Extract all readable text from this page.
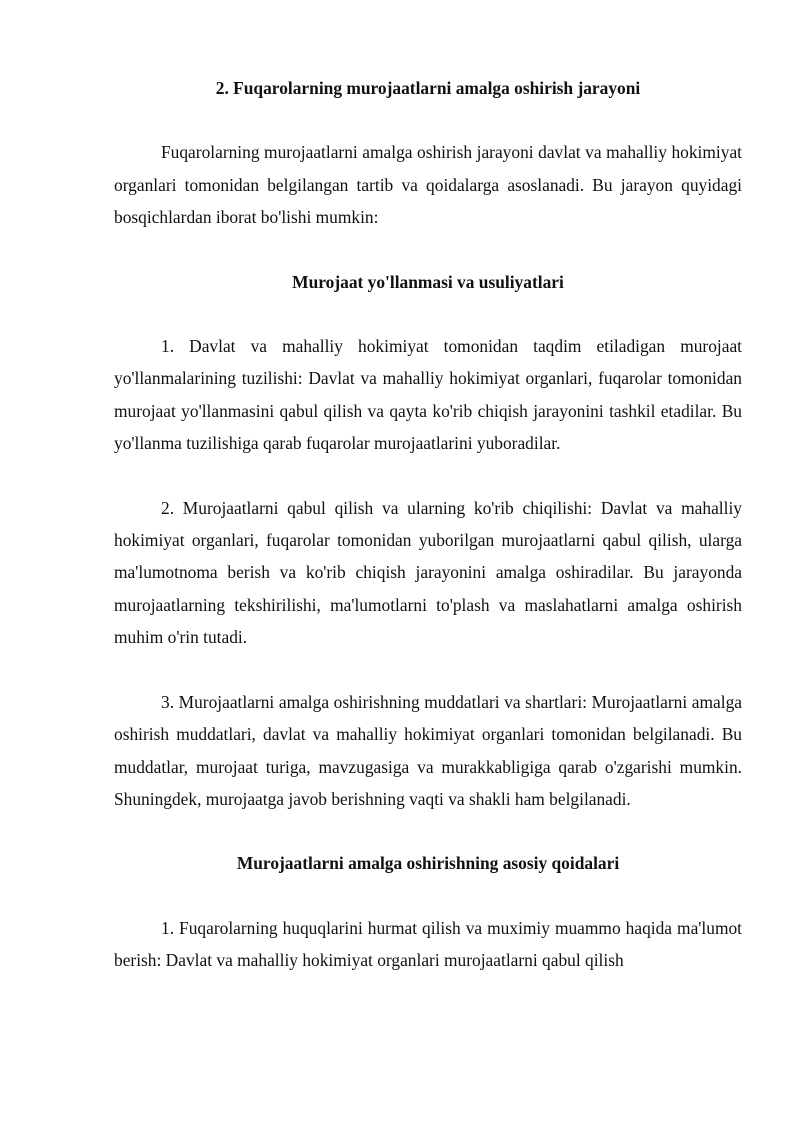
2. Fuqarolarning murojaatlarni amalga oshirish jarayoni

Fuqarolarning murojaatlarni amalga oshirish jarayoni davlat va mahalliy hokimiyat organlari tomonidan belgilangan tartib va qoidalarga asoslanadi. Bu jarayon quyidagi bosqichlardan iborat bo'lishi mumkin:

Murojaat yo'llanmasi va usuliyatlari

1. Davlat va mahalliy hokimiyat tomonidan taqdim etiladigan murojaat yo'llanmalarining tuzilishi: Davlat va mahalliy hokimiyat organlari, fuqarolar tomonidan murojaat yo'llanmasini qabul qilish va qayta ko'rib chiqish jarayonini tashkil etadilar. Bu yo'llanma tuzilishiga qarab fuqarolar murojaatlarini yuboradilar.

2. Murojaatlarni qabul qilish va ularning ko'rib chiqilishi: Davlat va mahalliy hokimiyat organlari, fuqarolar tomonidan yuborilgan murojaatlarni qabul qilish, ularga ma'lumotnoma berish va ko'rib chiqish jarayonini amalga oshiradilar. Bu jarayonda murojaatlarning tekshirilishi, ma'lumotlarni to'plash va maslahatlarni amalga oshirish muhim o'rin tutadi.

3. Murojaatlarni amalga oshirishning muddatlari va shartlari: Murojaatlarni amalga oshirish muddatlari, davlat va mahalliy hokimiyat organlari tomonidan belgilanadi. Bu muddatlar, murojaat turiga, mavzugasiga va murakkabligiga qarab o'zgarishi mumkin. Shuningdek, murojaatga javob berishning vaqti va shakli ham belgilanadi.

Murojaatlarni amalga oshirishning asosiy qoidalari

1. Fuqarolarning huquqlarini hurmat qilish va muximiy muammo haqida ma'lumot berish: Davlat va mahalliy hokimiyat organlari murojaatlarni qabul qilish
